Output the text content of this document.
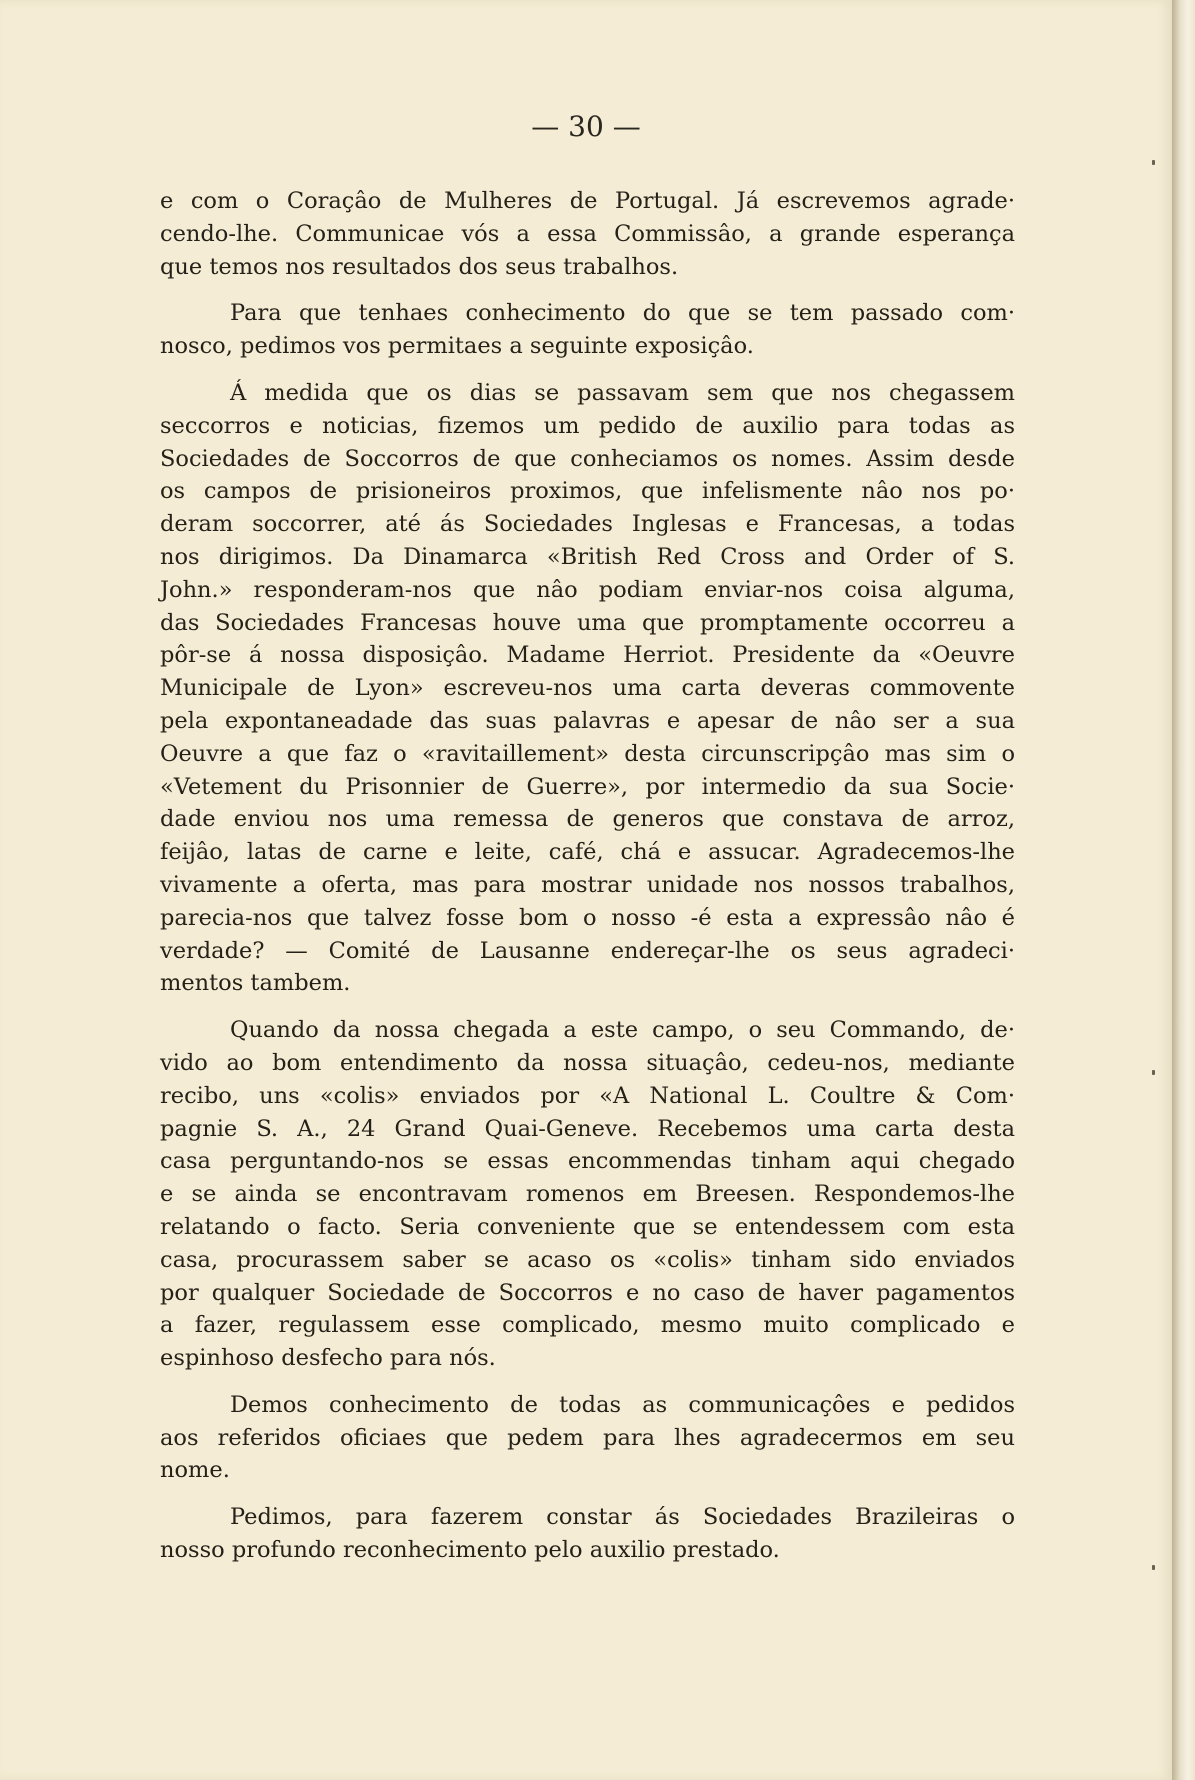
— 30 —

e com o Coraçâo de Mulheres de Portugal. Já escrevemos agrade·
cendo-lhe. Communicae vós a essa Commissâo, a grande esperança
que temos nos resultados dos seus trabalhos.

Para que tenhaes conhecimento do que se tem passado com·
nosco, pedimos vos permitaes a seguinte exposiçâo.

Á medida que os dias se passavam sem que nos chegassem
seccorros e noticias, fizemos um pedido de auxilio para todas as
Sociedades de Soccorros de que conheciamos os nomes. Assim desde
os campos de prisioneiros proximos, que infelismente nâo nos po·
deram soccorrer, até ás Sociedades Inglesas e Francesas, a todas
nos dirigimos. Da Dinamarca «British Red Cross and Order of S.
John.» responderam-nos que nâo podiam enviar-nos coisa alguma,
das Sociedades Francesas houve uma que promptamente occorreu a
pôr-se á nossa disposiçâo. Madame Herriot. Presidente da «Oeuvre
Municipale de Lyon» escreveu-nos uma carta deveras commovente
pela expontaneadade das suas palavras e apesar de nâo ser a sua
Oeuvre a que faz o «ravitaillement» desta circunscripçâo mas sim o
«Vetement du Prisonnier de Guerre», por intermedio da sua Socie·
dade enviou nos uma remessa de generos que constava de arroz,
feijâo, latas de carne e leite, café, chá e assucar. Agradecemos-lhe
vivamente a oferta, mas para mostrar unidade nos nossos trabalhos,
parecia-nos que talvez fosse bom o nosso -é esta a expressâo nâo é
verdade? — Comité de Lausanne endereçar-lhe os seus agradeci·
mentos tambem.

Quando da nossa chegada a este campo, o seu Commando, de·
vido ao bom entendimento da nossa situaçâo, cedeu-nos, mediante
recibo, uns «colis» enviados por «A National L. Coultre & Com·
pagnie S. A., 24 Grand Quai-Geneve. Recebemos uma carta desta
casa perguntando-nos se essas encommendas tinham aqui chegado
e se ainda se encontravam romenos em Breesen. Respondemos-lhe
relatando o facto. Seria conveniente que se entendessem com esta
casa, procurassem saber se acaso os «colis» tinham sido enviados
por qualquer Sociedade de Soccorros e no caso de haver pagamentos
a fazer, regulassem esse complicado, mesmo muito complicado e
espinhoso desfecho para nós.

Demos conhecimento de todas as communicaçôes e pedidos
aos referidos oficiaes que pedem para lhes agradecermos em seu
nome.

Pedimos, para fazerem constar ás Sociedades Brazileiras o
nosso profundo reconhecimento pelo auxilio prestado.
